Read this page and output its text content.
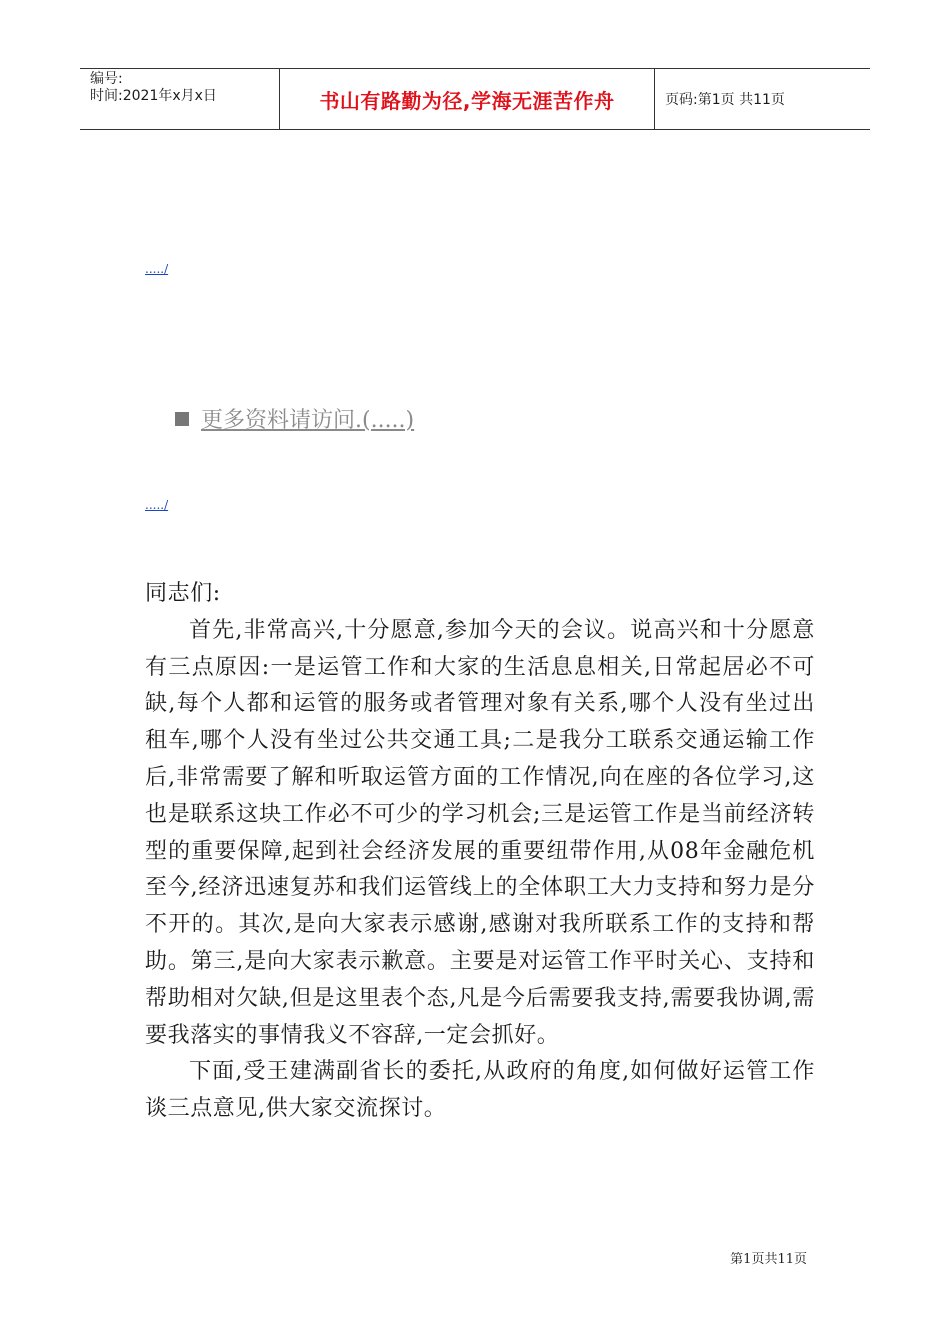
编号:
时间:2021年x月x日	书山有路勤为径,学海无涯苦作舟	页码:第1页 共11页
...../
更多资料请访问.(.....)
...../

同志们:

首先,非常高兴,十分愿意,参加今天的会议。说高兴和十分愿意有三点原因:一是运管工作和大家的生活息息相关,日常起居必不可缺,每个人都和运管的服务或者管理对象有关系,哪个人没有坐过出租车,哪个人没有坐过公共交通工具;二是我分工联系交通运输工作后,非常需要了解和听取运管方面的工作情况,向在座的各位学习,这也是联系这块工作必不可少的学习机会;三是运管工作是当前经济转型的重要保障,起到社会经济发展的重要纽带作用,从08年金融危机至今,经济迅速复苏和我们运管线上的全体职工大力支持和努力是分不开的。其次,是向大家表示感谢,感谢对我所联系工作的支持和帮助。第三,是向大家表示歉意。主要是对运管工作平时关心、支持和帮助相对欠缺,但是这里表个态,凡是今后需要我支持,需要我协调,需要我落实的事情我义不容辞,一定会抓好。

下面,受王建满副省长的委托,从政府的角度,如何做好运管工作谈三点意见,供大家交流探讨。

第1页共11页
